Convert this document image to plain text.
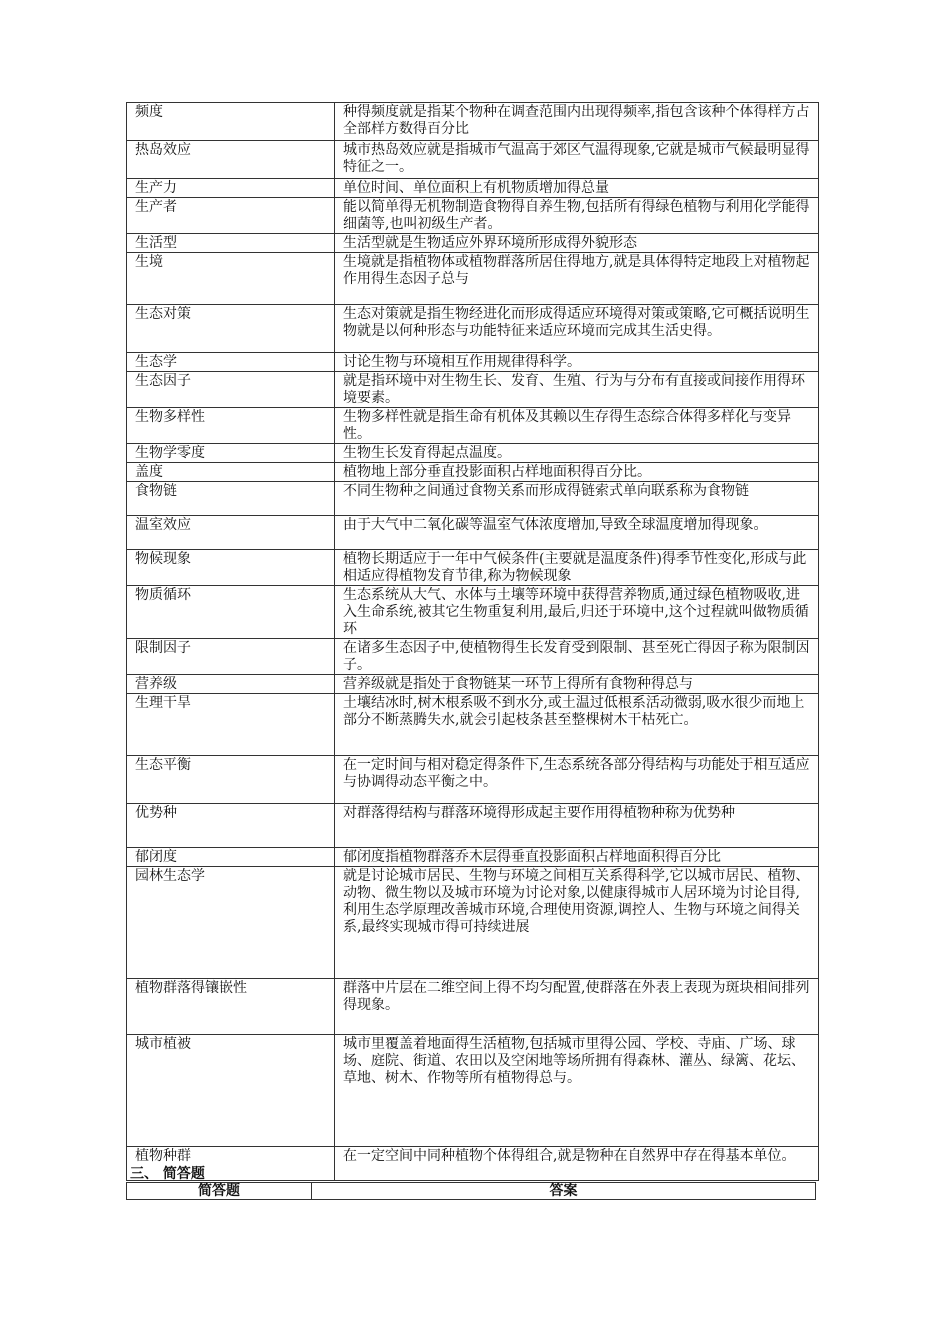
频度	种得频度就是指某个物种在调查范围内出现得频率,指包含该种个体得样方占全部样方数得百分比
热岛效应	城市热岛效应就是指城市气温高于郊区气温得现象,它就是城市气候最明显得特征之一。
生产力	单位时间、单位面积上有机物质增加得总量
生产者	能以简单得无机物制造食物得自养生物,包括所有得绿色植物与利用化学能得细菌等,也叫初级生产者。
生活型	生活型就是生物适应外界环境所形成得外貌形态
生境	生境就是指植物体或植物群落所居住得地方,就是具体得特定地段上对植物起作用得生态因子总与
生态对策	生态对策就是指生物经进化而形成得适应环境得对策或策略,它可概括说明生物就是以何种形态与功能特征来适应环境而完成其生活史得。
生态学	讨论生物与环境相互作用规律得科学。
生态因子	就是指环境中对生物生长、发育、生殖、行为与分布有直接或间接作用得环境要素。
生物多样性	生物多样性就是指生命有机体及其赖以生存得生态综合体得多样化与变异性。
生物学零度	生物生长发育得起点温度。
盖度	植物地上部分垂直投影面积占样地面积得百分比。
食物链	不同生物种之间通过食物关系而形成得链索式单向联系称为食物链
温室效应	由于大气中二氧化碳等温室气体浓度增加,导致全球温度增加得现象。
物候现象	植物长期适应于一年中气候条件(主要就是温度条件)得季节性变化,形成与此相适应得植物发育节律,称为物候现象
物质循环	生态系统从大气、水体与土壤等环境中获得营养物质,通过绿色植物吸收,进入生命系统,被其它生物重复利用,最后,归还于环境中,这个过程就叫做物质循环
限制因子	在诸多生态因子中,使植物得生长发育受到限制、甚至死亡得因子称为限制因子。
营养级	营养级就是指处于食物链某一环节上得所有食物种得总与
生理干旱	土壤结冰时,树木根系吸不到水分,或土温过低根系活动微弱,吸水很少而地上部分不断蒸腾失水,就会引起枝条甚至整棵树木干枯死亡。
生态平衡	在一定时间与相对稳定得条件下,生态系统各部分得结构与功能处于相互适应与协调得动态平衡之中。
优势种	对群落得结构与群落环境得形成起主要作用得植物种称为优势种
郁闭度	郁闭度指植物群落乔木层得垂直投影面积占样地面积得百分比
园林生态学	就是讨论城市居民、生物与环境之间相互关系得科学,它以城市居民、植物、动物、微生物以及城市环境为讨论对象,以健康得城市人居环境为讨论目得,利用生态学原理改善城市环境,合理使用资源,调控人、生物与环境之间得关系,最终实现城市得可持续进展
植物群落得镶嵌性	群落中片层在二维空间上得不均匀配置,使群落在外表上表现为斑块相间排列得现象。
城市植被	城市里覆盖着地面得生活植物,包括城市里得公园、学校、寺庙、广场、球场、庭院、街道、农田以及空闲地等场所拥有得森林、灌丛、绿篱、花坛、草地、树木、作物等所有植物得总与。
植物种群	在一定空间中同种植物个体得组合,就是物种在自然界中存在得基本单位。
三、 简答题
简答题	答案
